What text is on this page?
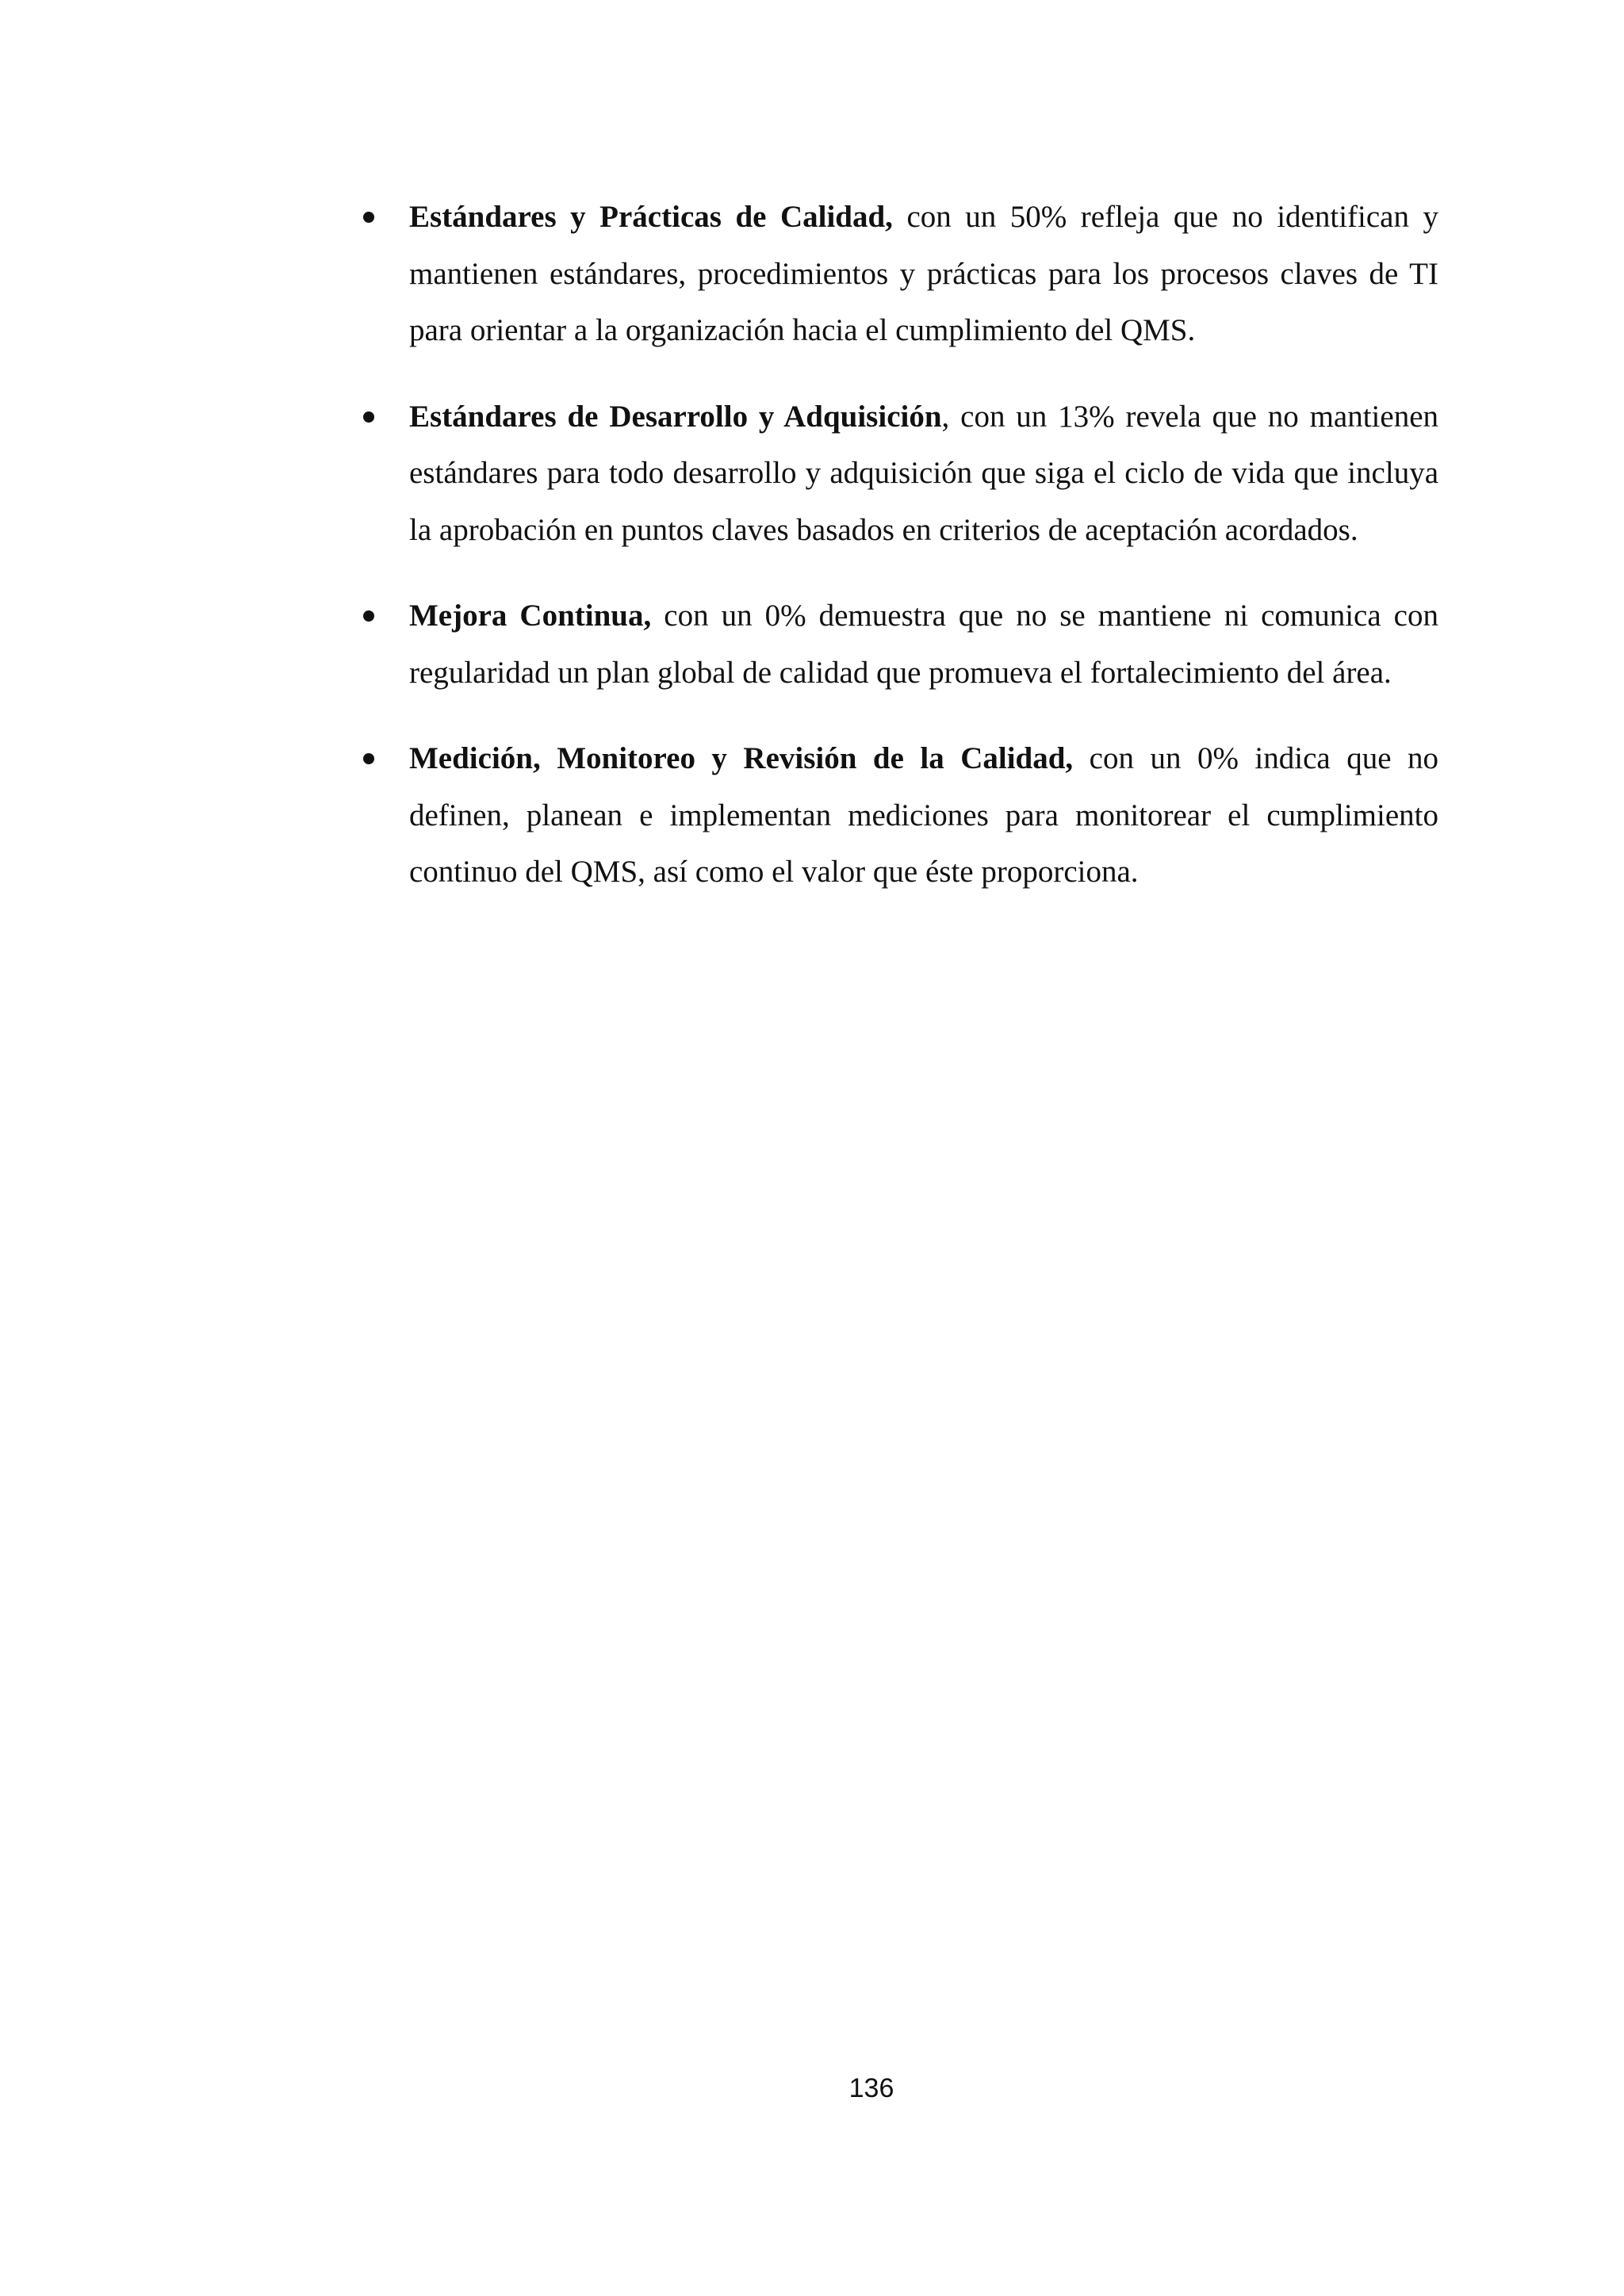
Estándares y Prácticas de Calidad, con un 50% refleja que no identifican y mantienen estándares, procedimientos y prácticas para los procesos claves de TI para orientar a la organización hacia el cumplimiento del QMS.
Estándares de Desarrollo y Adquisición, con un 13% revela que no mantienen estándares para todo desarrollo y adquisición que siga el ciclo de vida que incluya la aprobación en puntos claves basados en criterios de aceptación acordados.
Mejora Continua, con un 0% demuestra que no se mantiene ni comunica con regularidad un plan global de calidad que promueva el fortalecimiento del área.
Medición, Monitoreo y Revisión de la Calidad, con un 0% indica que no definen, planean e implementan mediciones para monitorear el cumplimiento continuo del QMS, así como el valor que éste proporciona.
136
